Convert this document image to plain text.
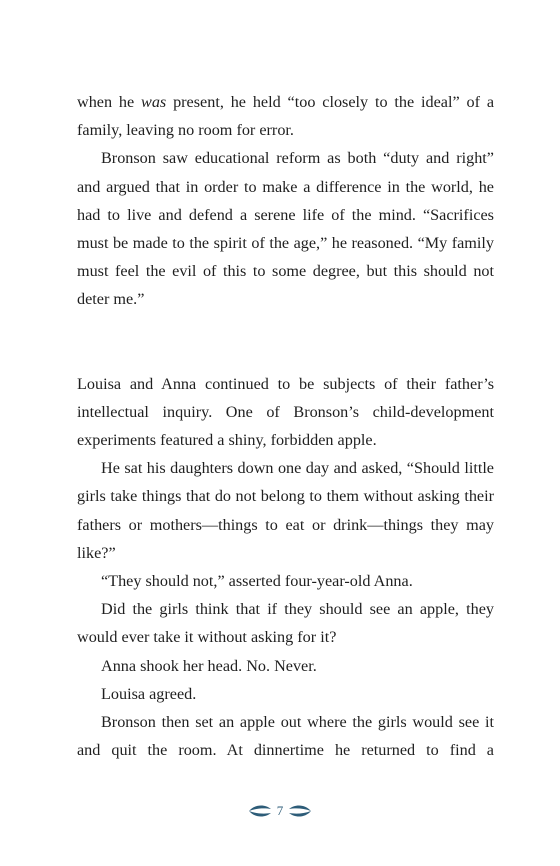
when he was present, he held “too closely to the ideal” of a family, leaving no room for error.

Bronson saw educational reform as both “duty and right” and argued that in order to make a difference in the world, he had to live and defend a serene life of the mind. “Sacrifices must be made to the spirit of the age,” he reasoned. “My family must feel the evil of this to some degree, but this should not deter me.”

Louisa and Anna continued to be subjects of their father’s intellectual inquiry. One of Bronson’s child-development experiments featured a shiny, forbidden apple.

He sat his daughters down one day and asked, “Should little girls take things that do not belong to them without asking their fathers or mothers—things to eat or drink—things they may like?”

“They should not,” asserted four-year-old Anna.

Did the girls think that if they should see an apple, they would ever take it without asking for it?

Anna shook her head. No. Never.

Louisa agreed.

Bronson then set an apple out where the girls would see it and quit the room. At dinnertime he returned to find a

7
